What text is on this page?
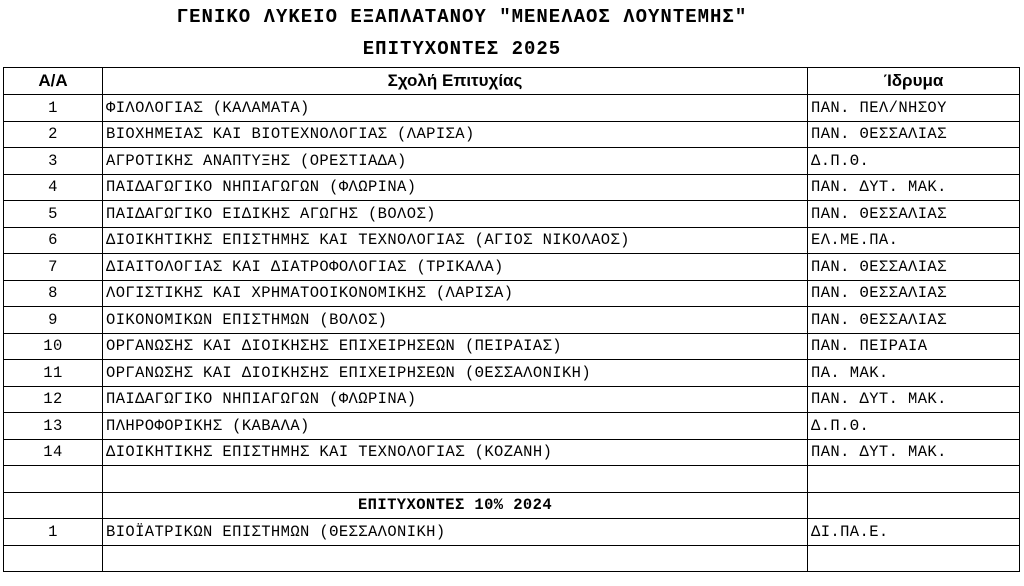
ΓΕΝΙΚΟ ΛΥΚΕΙΟ ΕΞΑΠΛΑΤΑΝΟΥ "ΜΕΝΕΛΑΟΣ ΛΟΥΝΤΕΜΗΣ"
ΕΠΙΤΥΧΟΝΤΕΣ 2025
Α/Α	Σχολή Επιτυχίας	Ίδρυμα
1	ΦΙΛΟΛΟΓΙΑΣ (ΚΑΛΑΜΑΤΑ)	ΠΑΝ. ΠΕΛ/ΝΗΣΟΥ
2	ΒΙΟΧΗΜΕΙΑΣ ΚΑΙ ΒΙΟΤΕΧΝΟΛΟΓΙΑΣ (ΛΑΡΙΣΑ)	ΠΑΝ. ΘΕΣΣΑΛΙΑΣ
3	ΑΓΡΟΤΙΚΗΣ ΑΝΑΠΤΥΞΗΣ (ΟΡΕΣΤΙΑΔΑ)	Δ.Π.Θ.
4	ΠΑΙΔΑΓΩΓΙΚΟ ΝΗΠΙΑΓΩΓΩΝ (ΦΛΩΡΙΝΑ)	ΠΑΝ. ΔΥΤ. ΜΑΚ.
5	ΠΑΙΔΑΓΩΓΙΚΟ ΕΙΔΙΚΗΣ ΑΓΩΓΗΣ (ΒΟΛΟΣ)	ΠΑΝ. ΘΕΣΣΑΛΙΑΣ
6	ΔΙΟΙΚΗΤΙΚΗΣ ΕΠΙΣΤΗΜΗΣ ΚΑΙ ΤΕΧΝΟΛΟΓΙΑΣ (ΑΓΙΟΣ ΝΙΚΟΛΑΟΣ)	ΕΛ.ΜΕ.ΠΑ.
7	ΔΙΑΙΤΟΛΟΓΙΑΣ ΚΑΙ ΔΙΑΤΡΟΦΟΛΟΓΙΑΣ (ΤΡΙΚΑΛΑ)	ΠΑΝ. ΘΕΣΣΑΛΙΑΣ
8	ΛΟΓΙΣΤΙΚΗΣ ΚΑΙ ΧΡΗΜΑΤΟΟΙΚΟΝΟΜΙΚΗΣ (ΛΑΡΙΣΑ)	ΠΑΝ. ΘΕΣΣΑΛΙΑΣ
9	ΟΙΚΟΝΟΜΙΚΩΝ ΕΠΙΣΤΗΜΩΝ (ΒΟΛΟΣ)	ΠΑΝ. ΘΕΣΣΑΛΙΑΣ
10	ΟΡΓΑΝΩΣΗΣ ΚΑΙ ΔΙΟΙΚΗΣΗΣ ΕΠΙΧΕΙΡΗΣΕΩΝ (ΠΕΙΡΑΙΑΣ)	ΠΑΝ. ΠΕΙΡΑΙΑ
11	ΟΡΓΑΝΩΣΗΣ ΚΑΙ ΔΙΟΙΚΗΣΗΣ ΕΠΙΧΕΙΡΗΣΕΩΝ (ΘΕΣΣΑΛΟΝΙΚΗ)	ΠΑ. ΜΑΚ.
12	ΠΑΙΔΑΓΩΓΙΚΟ ΝΗΠΙΑΓΩΓΩΝ (ΦΛΩΡΙΝΑ)	ΠΑΝ. ΔΥΤ. ΜΑΚ.
13	ΠΛΗΡΟΦΟΡΙΚΗΣ (ΚΑΒΑΛΑ)	Δ.Π.Θ.
14	ΔΙΟΙΚΗΤΙΚΗΣ ΕΠΙΣΤΗΜΗΣ ΚΑΙ ΤΕΧΝΟΛΟΓΙΑΣ (ΚΟΖΑΝΗ)	ΠΑΝ. ΔΥΤ. ΜΑΚ.

	ΕΠΙΤΥΧΟΝΤΕΣ 10% 2024	
1	ΒΙΟΪΑΤΡΙΚΩΝ ΕΠΙΣΤΗΜΩΝ (ΘΕΣΣΑΛΟΝΙΚΗ)	ΔΙ.ΠΑ.Ε.
